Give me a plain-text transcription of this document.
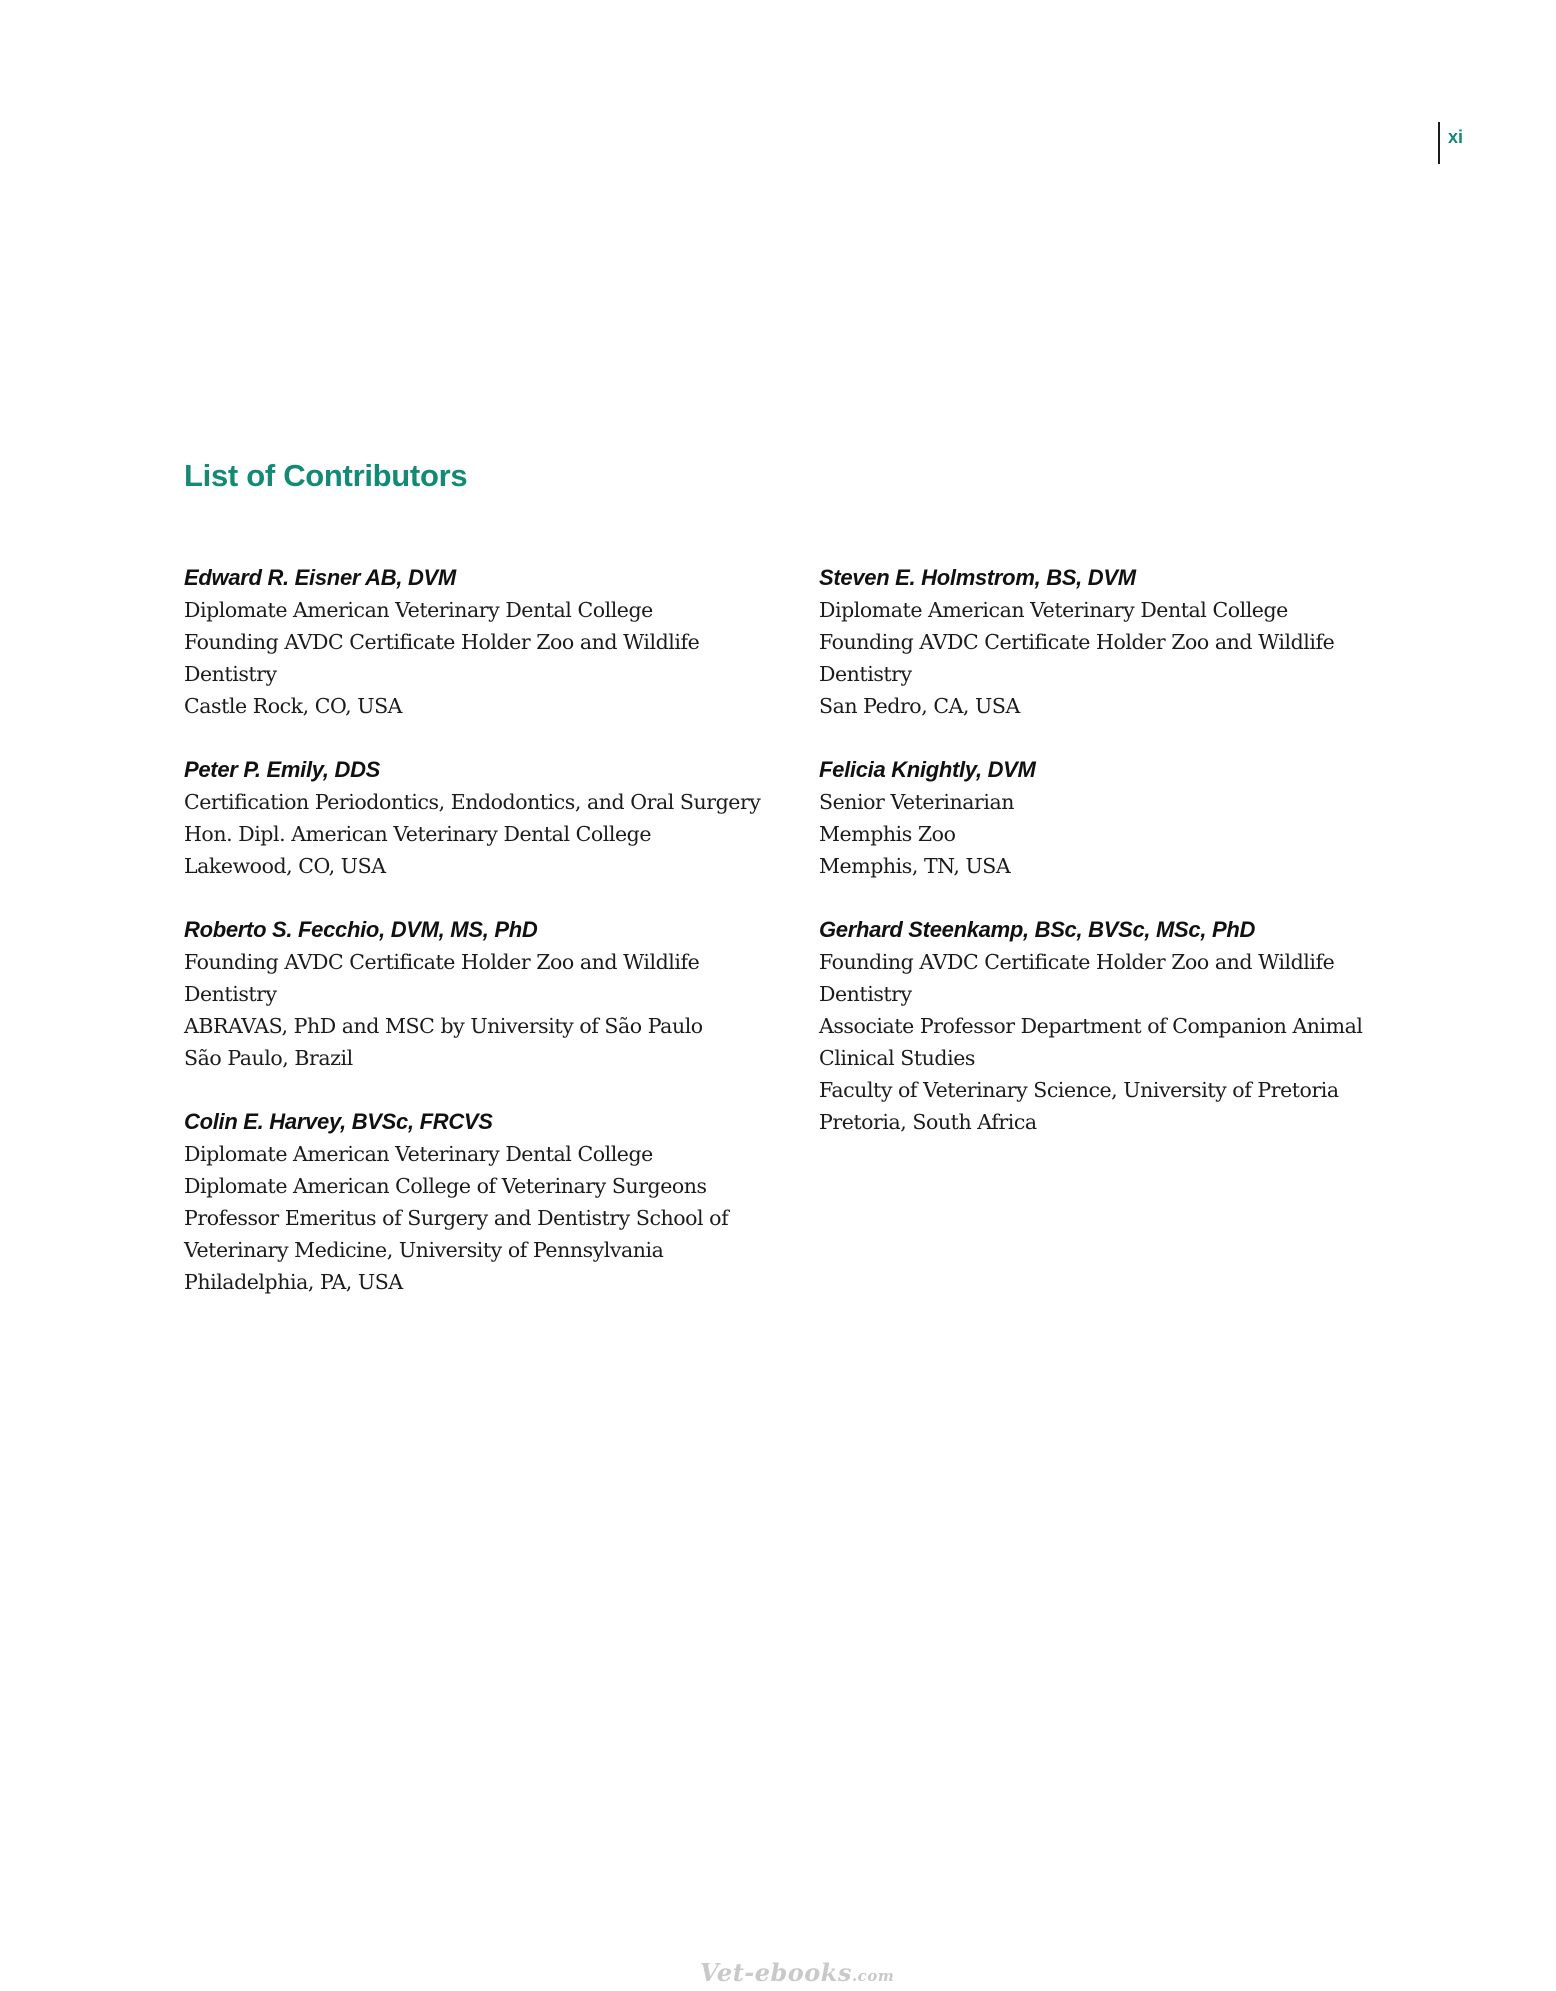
xi
List of Contributors
Edward R. Eisner AB, DVM
Diplomate American Veterinary Dental College
Founding AVDC Certificate Holder Zoo and Wildlife
Dentistry
Castle Rock, CO, USA
Peter P. Emily, DDS
Certification Periodontics, Endodontics, and Oral Surgery
Hon. Dipl. American Veterinary Dental College
Lakewood, CO, USA
Roberto S. Fecchio, DVM, MS, PhD
Founding AVDC Certificate Holder Zoo and Wildlife
Dentistry
ABRAVAS, PhD and MSC by University of São Paulo
São Paulo, Brazil
Colin E. Harvey, BVSc, FRCVS
Diplomate American Veterinary Dental College
Diplomate American College of Veterinary Surgeons
Professor Emeritus of Surgery and Dentistry School of
Veterinary Medicine, University of Pennsylvania
Philadelphia, PA, USA
Steven E. Holmstrom, BS, DVM
Diplomate American Veterinary Dental College
Founding AVDC Certificate Holder Zoo and Wildlife
Dentistry
San Pedro, CA, USA
Felicia Knightly, DVM
Senior Veterinarian
Memphis Zoo
Memphis, TN, USA
Gerhard Steenkamp, BSc, BVSc, MSc, PhD
Founding AVDC Certificate Holder Zoo and Wildlife
Dentistry
Associate Professor Department of Companion Animal
Clinical Studies
Faculty of Veterinary Science, University of Pretoria
Pretoria, South Africa
Vet-ebooks.com
